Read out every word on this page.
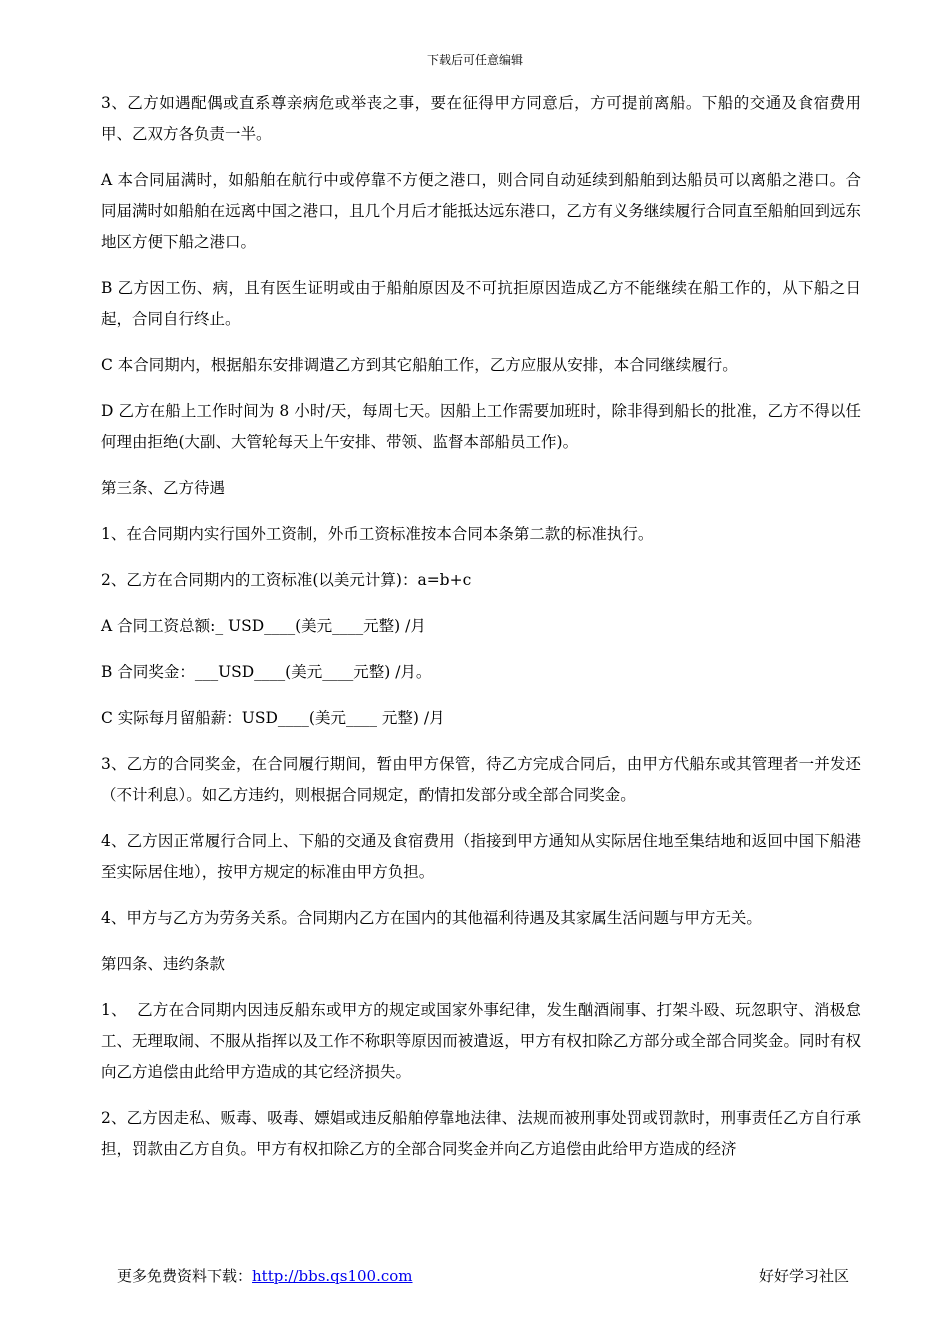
下载后可任意编辑

3、乙方如遇配偶或直系尊亲病危或举丧之事，要在征得甲方同意后，方可提前离船。下船的交通及食宿费用甲、乙双方各负责一半。

A 本合同届满时，如船舶在航行中或停靠不方便之港口，则合同自动延续到船舶到达船员可以离船之港口。合同届满时如船舶在远离中国之港口，且几个月后才能抵达远东港口，乙方有义务继续履行合同直至船舶回到远东地区方便下船之港口。

B 乙方因工伤、病，且有医生证明或由于船舶原因及不可抗拒原因造成乙方不能继续在船工作的，从下船之日起，合同自行终止。

C 本合同期内，根据船东安排调遣乙方到其它船舶工作，乙方应服从安排，本合同继续履行。

D 乙方在船上工作时间为 8 小时/天，每周七天。因船上工作需要加班时，除非得到船长的批准，乙方不得以任何理由拒绝(大副、大管轮每天上午安排、带领、监督本部船员工作)。

第三条、乙方待遇

1、在合同期内实行国外工资制，外币工资标准按本合同本条第二款的标准执行。

2、乙方在合同期内的工资标准(以美元计算)：a=b+c

A 合同工资总额:_ USD____(美元____元整) /月

B 合同奖金：___USD____(美元____元整) /月。

C 实际每月留船薪：USD____(美元____ 元整) /月

3、乙方的合同奖金，在合同履行期间，暂由甲方保管，待乙方完成合同后，由甲方代船东或其管理者一并发还（不计利息）。如乙方违约，则根据合同规定，酌情扣发部分或全部合同奖金。

4、乙方因正常履行合同上、下船的交通及食宿费用（指接到甲方通知从实际居住地至集结地和返回中国下船港至实际居住地），按甲方规定的标准由甲方负担。

4、甲方与乙方为劳务关系。合同期内乙方在国内的其他福利待遇及其家属生活问题与甲方无关。

第四条、违约条款

1、  乙方在合同期内因违反船东或甲方的规定或国家外事纪律，发生酗酒闹事、打架斗殴、玩忽职守、消极怠工、无理取闹、不服从指挥以及工作不称职等原因而被遣返，甲方有权扣除乙方部分或全部合同奖金。同时有权向乙方追偿由此给甲方造成的其它经济损失。

2、乙方因走私、贩毒、吸毒、嫖娼或违反船舶停靠地法律、法规而被刑事处罚或罚款时，刑事责任乙方自行承担，罚款由乙方自负。甲方有权扣除乙方的全部合同奖金并向乙方追偿由此给甲方造成的经济

更多免费资料下载：http://bbs.qs100.com	好好学习社区
